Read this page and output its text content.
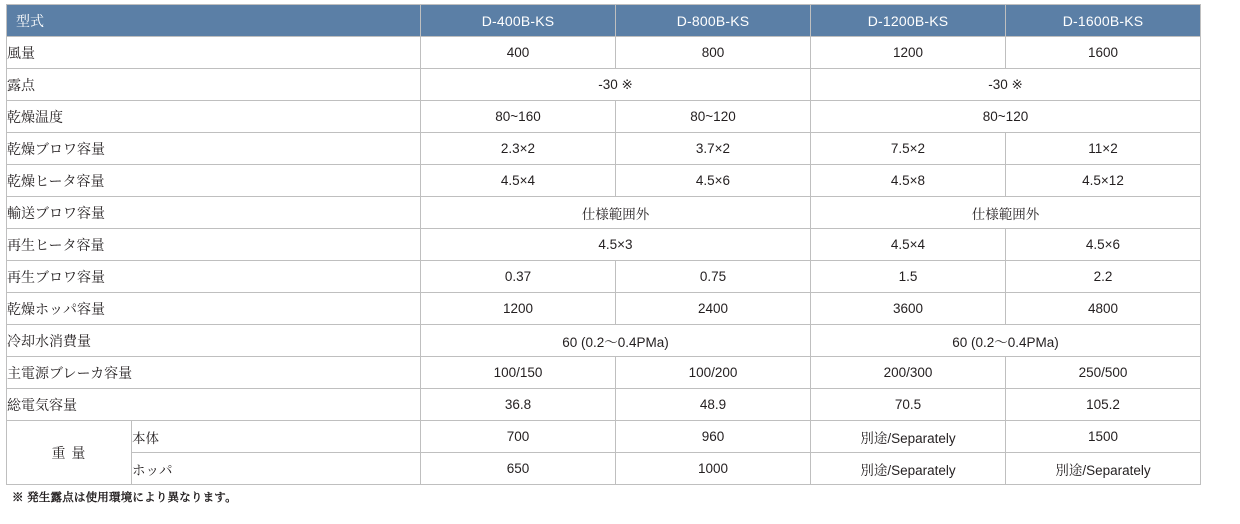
型式		D-400B-KS	D-800B-KS	D-1200B-KS	D-1600B-KS
風量		400	800	1200	1600
露点		-30 ※		-30 ※	
乾燥温度		80~160	80~120	80~120	
乾燥ブロワ容量		2.3×2	3.7×2	7.5×2	11×2
乾燥ヒータ容量		4.5×4	4.5×6	4.5×8	4.5×12
輸送ブロワ容量		仕様範囲外		仕様範囲外	
再生ヒータ容量		4.5×3		4.5×4	4.5×6
再生ブロワ容量		0.37	0.75	1.5	2.2
乾燥ホッパ容量		1200	2400	3600	4800
冷却水消費量		60 (0.2～0.4PMa)		60 (0.2～0.4PMa)	
主電源ブレーカ容量		100/150	100/200	200/300	250/500
総電気容量		36.8	48.9	70.5	105.2
重 量	本体	700	960	別途/Separately	1500
	ホッパ	650	1000	別途/Separately	別途/Separately
※ 発生露点は使用環境により異なります。
